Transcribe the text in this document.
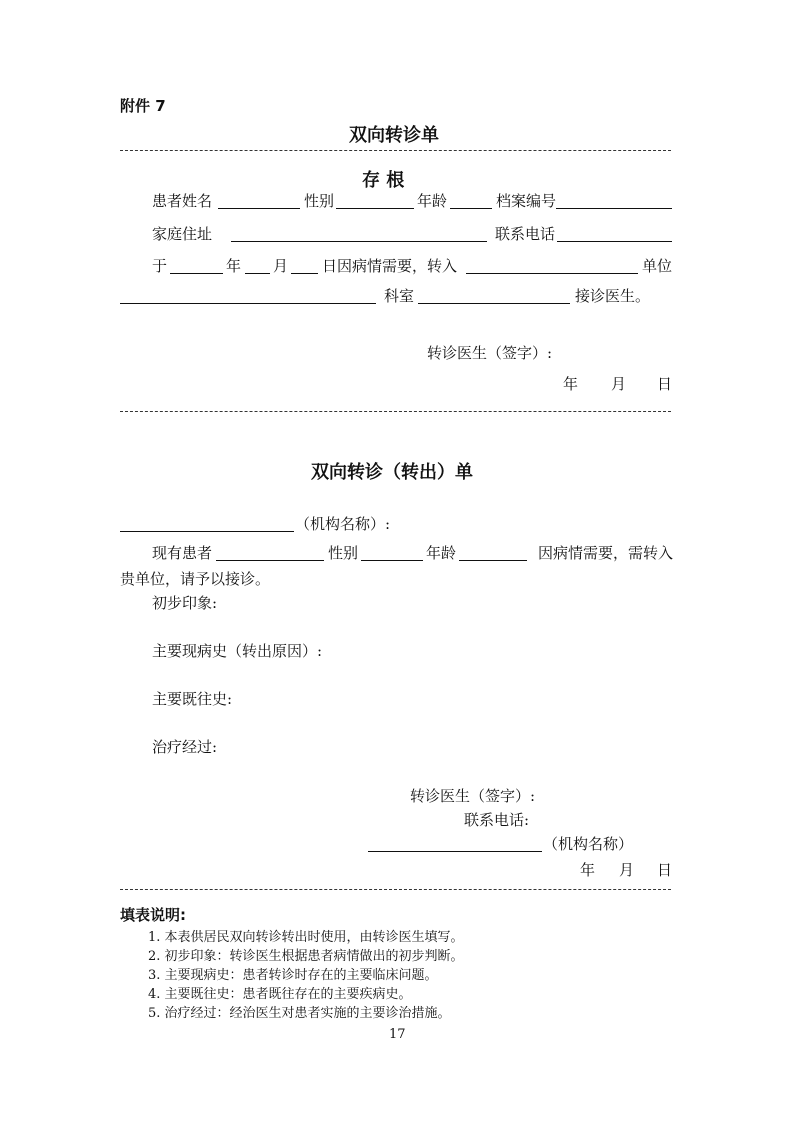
附件 7
双向转诊单
存 根
患者姓名	性别	年龄	档案编号
家庭住址	联系电话
于	年 月 日因病情需要，转入	单位
科室	接诊医生。
转诊医生（签字）:
年 月 日
双向转诊（转出）单
（机构名称）:
现有患者	性别	年龄	因病情需要，需转入
贵单位，请予以接诊。
初步印象:
主要现病史（转出原因）:
主要既往史:
治疗经过:
转诊医生（签字）:
联系电话:
（机构名称）
年 月 日
填表说明:
1. 本表供居民双向转诊转出时使用，由转诊医生填写。
2. 初步印象：转诊医生根据患者病情做出的初步判断。
3. 主要现病史：患者转诊时存在的主要临床问题。
4. 主要既往史：患者既往存在的主要疾病史。
5. 治疗经过：经治医生对患者实施的主要诊治措施。
17
